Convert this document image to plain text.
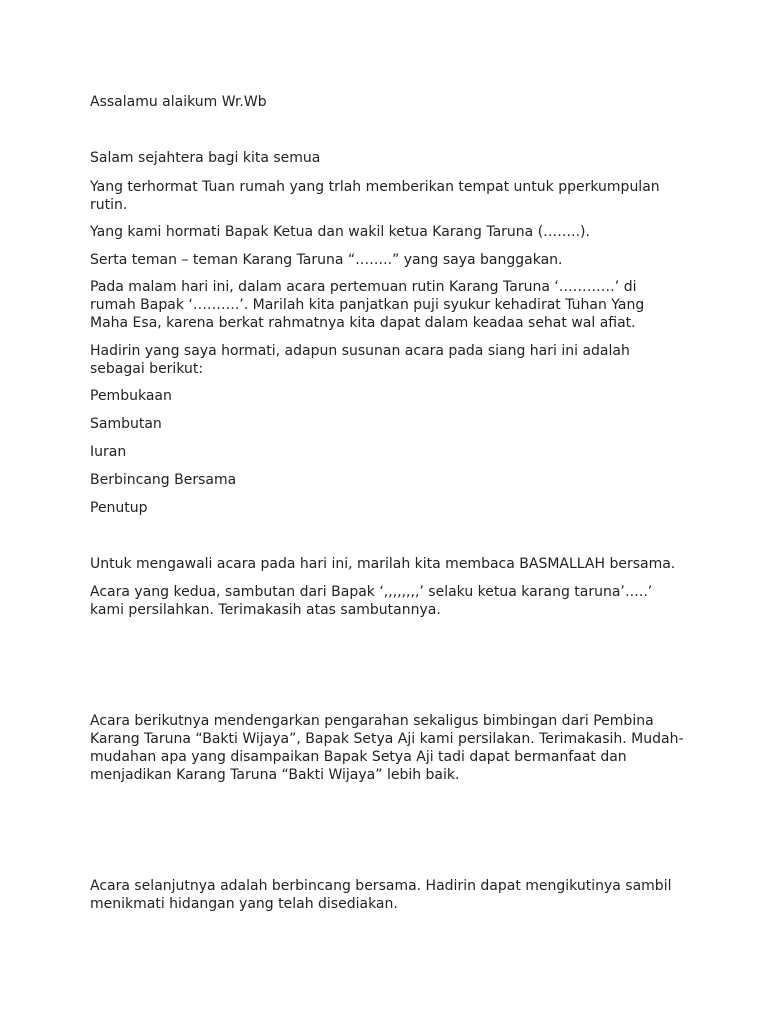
Assalamu alaikum Wr.Wb
Salam sejahtera bagi kita semua
Yang terhormat Tuan rumah yang trlah memberikan tempat untuk pperkumpulan
rutin.
Yang kami hormati Bapak Ketua dan wakil ketua Karang Taruna (……..).
Serta teman – teman Karang Taruna “……..” yang saya banggakan.
Pada malam hari ini, dalam acara pertemuan rutin Karang Taruna ‘…………’ di
rumah Bapak ‘……….’. Marilah kita panjatkan puji syukur kehadirat Tuhan Yang
Maha Esa, karena berkat rahmatnya kita dapat dalam keadaa sehat wal afiat.
Hadirin yang saya hormati, adapun susunan acara pada siang hari ini adalah
sebagai berikut:
Pembukaan
Sambutan
Iuran
Berbincang Bersama
Penutup
Untuk mengawali acara pada hari ini, marilah kita membaca BASMALLAH bersama.
Acara yang kedua, sambutan dari Bapak ‘,,,,,,,,’ selaku ketua karang taruna’…..’
kami persilahkan. Terimakasih atas sambutannya.
Acara berikutnya mendengarkan pengarahan sekaligus bimbingan dari Pembina
Karang Taruna “Bakti Wijaya”, Bapak Setya Aji kami persilakan. Terimakasih. Mudah-
mudahan apa yang disampaikan Bapak Setya Aji tadi dapat bermanfaat dan
menjadikan Karang Taruna “Bakti Wijaya” lebih baik.
Acara selanjutnya adalah berbincang bersama. Hadirin dapat mengikutinya sambil
menikmati hidangan yang telah disediakan.
